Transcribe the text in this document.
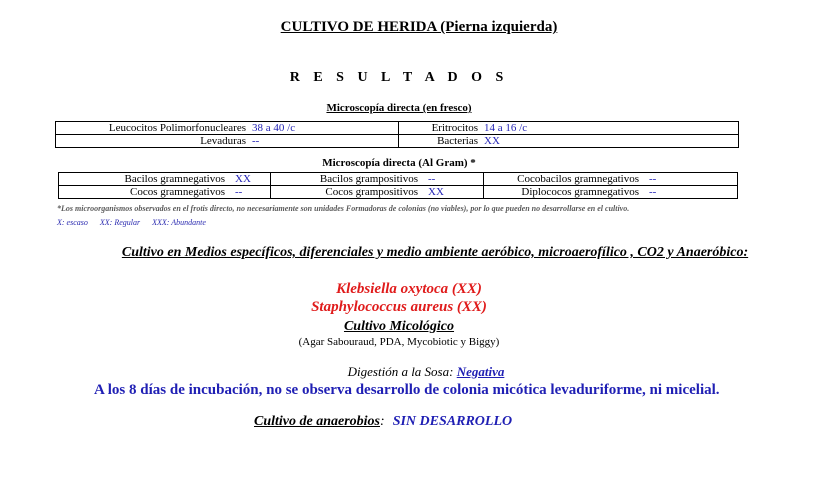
CULTIVO DE HERIDA (Pierna izquierda)
R E S U L T A D O S
Microscopía directa (en fresco)
Leucocitos Polimorfonucleares 38 a 40 /c	Eritrocitos 14 a 16 /c
Levaduras --	Bacterias XX
Microscopía directa (Al Gram) *
Bacilos gramnegativos XX	Bacilos grampositivos --	Cocobacilos gramnegativos --
Cocos gramnegativos --	Cocos grampositivos XX	Diplococos gramnegativos --
*Los microorganismos observados en el frotis directo, no necesariamente son unidades Formadoras de colonias (no viables), por lo que pueden no desarrollarse en el cultivo.
X: escaso XX: Regular XXX: Abundante
Cultivo en Medios específicos, diferenciales y medio ambiente aeróbico, microaerofílico , CO2 y Anaeróbico:
Klebsiella oxytoca (XX)
Staphylococcus aureus (XX)
Cultivo Micológico
(Agar Sabouraud, PDA, Mycobiotic y Biggy)
Digestión a la Sosa: Negativa
A los 8 días de incubación, no se observa desarrollo de colonia micótica levaduriforme, ni micelial.
Cultivo de anaerobios: SIN DESARROLLO
